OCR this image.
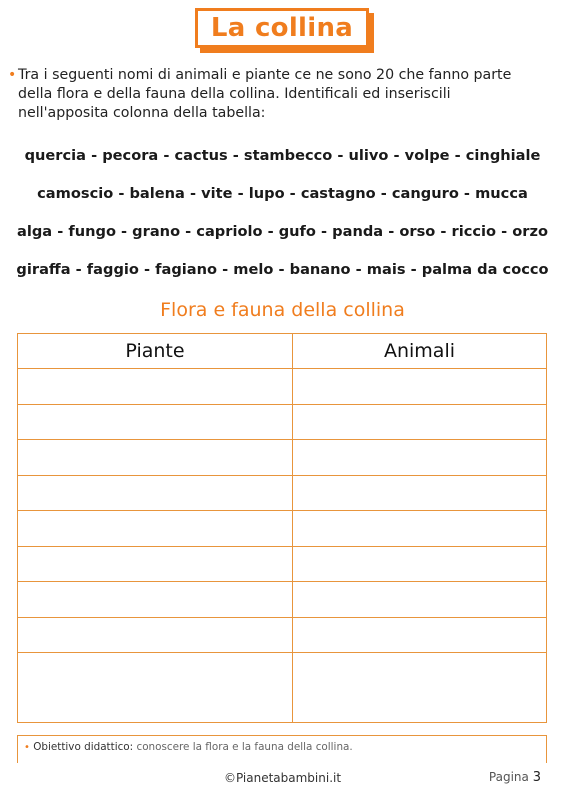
La collina
• Tra i seguenti nomi di animali e piante ce ne sono 20 che fanno parte della flora e della fauna della collina. Identificali ed inseriscili nell'apposita colonna della tabella:

quercia - pecora - cactus - stambecco - ulivo - volpe - cinghiale
camoscio - balena - vite - lupo - castagno - canguro - mucca
alga - fungo - grano - capriolo - gufo - panda - orso - riccio - orzo
giraffa - faggio - fagiano - melo - banano - mais - palma da cocco
Flora e fauna della collina
Piante	Animali

• Obiettivo didattico: conoscere la flora e la fauna della collina.
©Pianetabambini.it	Pagina 3
